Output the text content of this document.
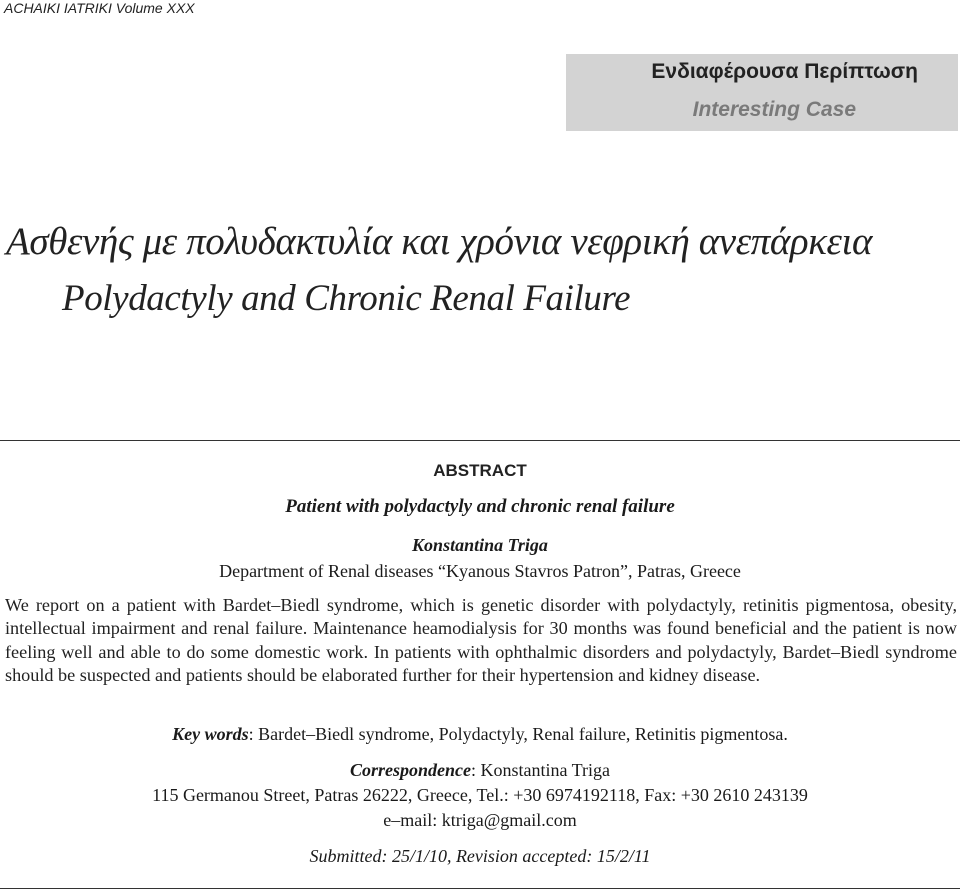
ACHAIKI IATRIKI Volume XXX
Ενδιαφέρουσα Περίπτωση
Interesting Case
Ασθενής με πολυδακτυλία και χρόνια νεφρική ανεπάρκεια
Polydactyly and Chronic Renal Failure
ABSTRACT
Patient with polydactyly and chronic renal failure
Konstantina Triga
Department of Renal diseases “Kyanous Stavros Patron”, Patras, Greece
We report on a patient with Bardet–Biedl syndrome, which is genetic disorder with polydactyly, retinitis pigmentosa, obesity, intellectual impairment and renal failure. Maintenance heamodialysis for 30 months was found beneficial and the patient is now feeling well and able to do some domestic work. In patients with ophthalmic disorders and polydactyly, Bardet–Biedl syndrome should be suspected and patients should be elaborated further for their hypertension and kidney disease.
Key words: Bardet–Biedl syndrome, Polydactyly, Renal failure, Retinitis pigmentosa.
Correspondence: Konstantina Triga
115 Germanou Street, Patras 26222, Greece, Tel.: +30 6974192118, Fax: +30 2610 243139
e–mail: ktriga@gmail.com
Submitted: 25/1/10, Revision accepted: 15/2/11
